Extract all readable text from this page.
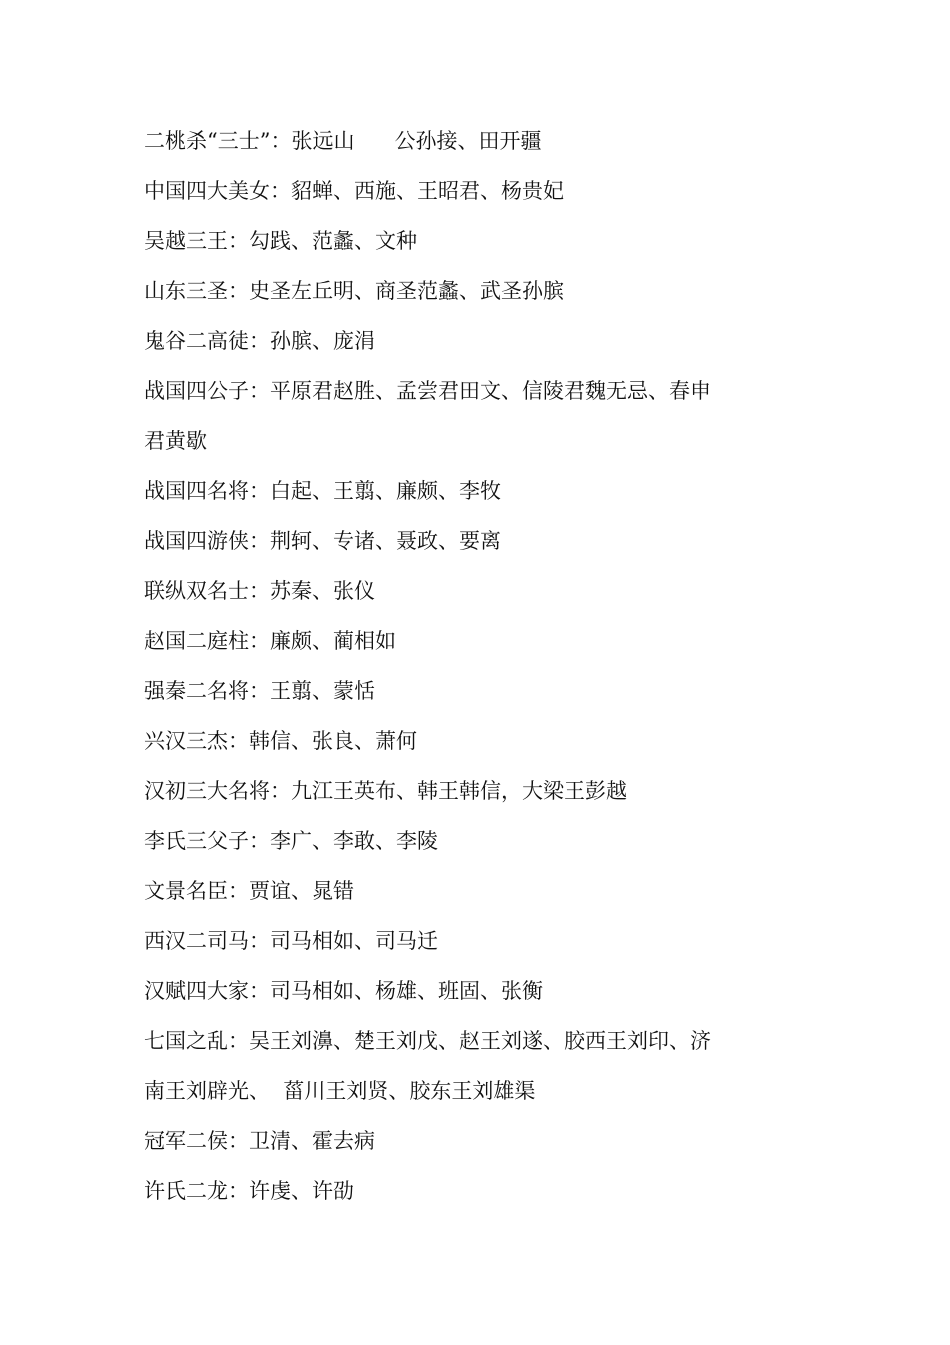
二桃杀“三士”：张远山      公孙接、田开疆
中国四大美女：貂蝉、西施、王昭君、杨贵妃
吴越三王：勾践、范蠡、文种
山东三圣：史圣左丘明、商圣范蠡、武圣孙膑
鬼谷二高徒：孙膑、庞涓
战国四公子：平原君赵胜、孟尝君田文、信陵君魏无忌、春申
君黄歇
战国四名将：白起、王翦、廉颇、李牧
战国四游侠：荆轲、专诸、聂政、要离
联纵双名士：苏秦、张仪
赵国二庭柱：廉颇、蔺相如
强秦二名将：王翦、蒙恬
兴汉三杰：韩信、张良、萧何
汉初三大名将：九江王英布、韩王韩信，大梁王彭越
李氏三父子：李广、李敢、李陵
文景名臣：贾谊、晁错
西汉二司马：司马相如、司马迁
汉赋四大家：司马相如、杨雄、班固、张衡
七国之乱：吴王刘濞、楚王刘戊、赵王刘遂、胶西王刘印、济
南王刘辟光、  菑川王刘贤、胶东王刘雄渠
冠军二侯：卫清、霍去病
许氏二龙：许虔、许劭
